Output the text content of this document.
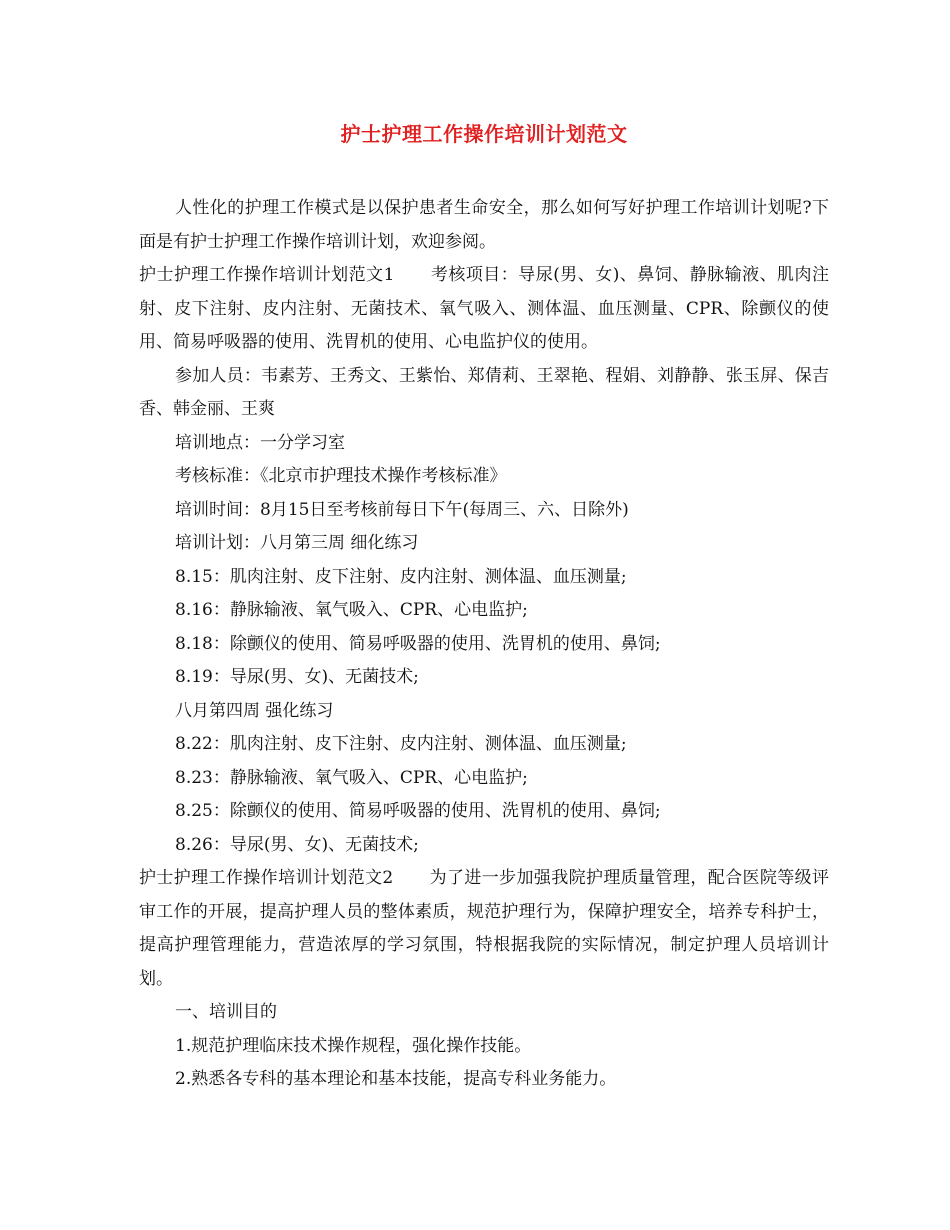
护士护理工作操作培训计划范文

人性化的护理工作模式是以保护患者生命安全，那么如何写好护理工作培训计划呢?下面是有护士护理工作操作培训计划，欢迎参阅。

护士护理工作操作培训计划范文1 考核项目：导尿(男、女)、鼻饲、静脉输液、肌肉注射、皮下注射、皮内注射、无菌技术、氧气吸入、测体温、血压测量、CPR、除颤仪的使用、简易呼吸器的使用、洗胃机的使用、心电监护仪的使用。

参加人员：韦素芳、王秀文、王紫怡、郑倩莉、王翠艳、程娟、刘静静、张玉屏、保吉香、韩金丽、王爽

培训地点：一分学习室

考核标准：《北京市护理技术操作考核标准》

培训时间：8月15日至考核前每日下午(每周三、六、日除外)

培训计划：八月第三周 细化练习

8.15：肌肉注射、皮下注射、皮内注射、测体温、血压测量;

8.16：静脉输液、氧气吸入、CPR、心电监护;

8.18：除颤仪的使用、简易呼吸器的使用、洗胃机的使用、鼻饲;

8.19：导尿(男、女)、无菌技术;

八月第四周 强化练习

8.22：肌肉注射、皮下注射、皮内注射、测体温、血压测量;

8.23：静脉输液、氧气吸入、CPR、心电监护;

8.25：除颤仪的使用、简易呼吸器的使用、洗胃机的使用、鼻饲;

8.26：导尿(男、女)、无菌技术;

护士护理工作操作培训计划范文2 为了进一步加强我院护理质量管理，配合医院等级评审工作的开展，提高护理人员的整体素质，规范护理行为，保障护理安全，培养专科护士，提高护理管理能力，营造浓厚的学习氛围，特根据我院的实际情况，制定护理人员培训计划。

一、培训目的

1.规范护理临床技术操作规程，强化操作技能。

2.熟悉各专科的基本理论和基本技能，提高专科业务能力。
